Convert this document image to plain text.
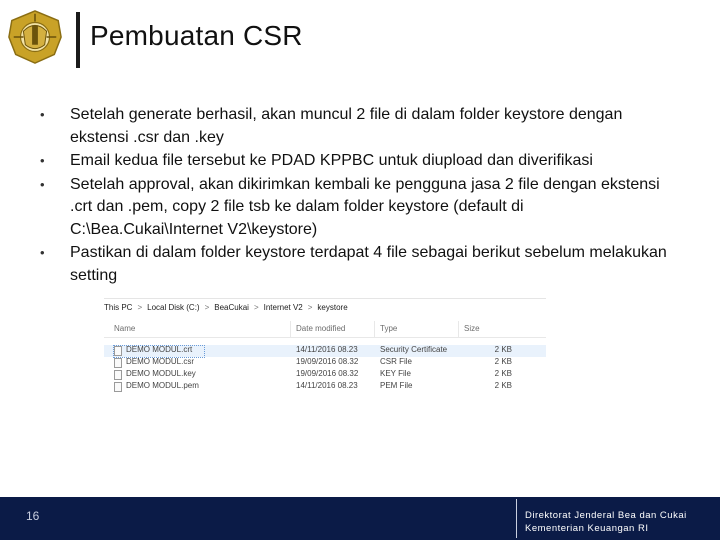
Pembuatan CSR
•	Setelah generate berhasil, akan muncul 2 file di dalam folder keystore dengan ekstensi .csr dan .key
•	Email kedua file tersebut ke PDAD KPPBC untuk diupload dan diverifikasi
•	Setelah approval, akan dikirimkan kembali ke pengguna jasa 2 file dengan ekstensi .crt dan .pem, copy 2 file tsb ke dalam folder keystore (default di C:\Bea.Cukai\Internet V2\keystore)
•	Pastikan di dalam folder keystore terdapat 4 file sebagai berikut sebelum melakukan setting
This PC > Local Disk (C:) > BeaCukai > Internet V2 > keystore
Name	Date modified	Type	Size
DEMO MODUL.crt	14/11/2016 08.23	Security Certificate	2 KB
DEMO MODUL.csr	19/09/2016 08.32	CSR File	2 KB
DEMO MODUL.key	19/09/2016 08.32	KEY File	2 KB
DEMO MODUL.pem	14/11/2016 08.23	PEM File	2 KB
16	Direktorat Jenderal Bea dan Cukai
Kementerian Keuangan RI
